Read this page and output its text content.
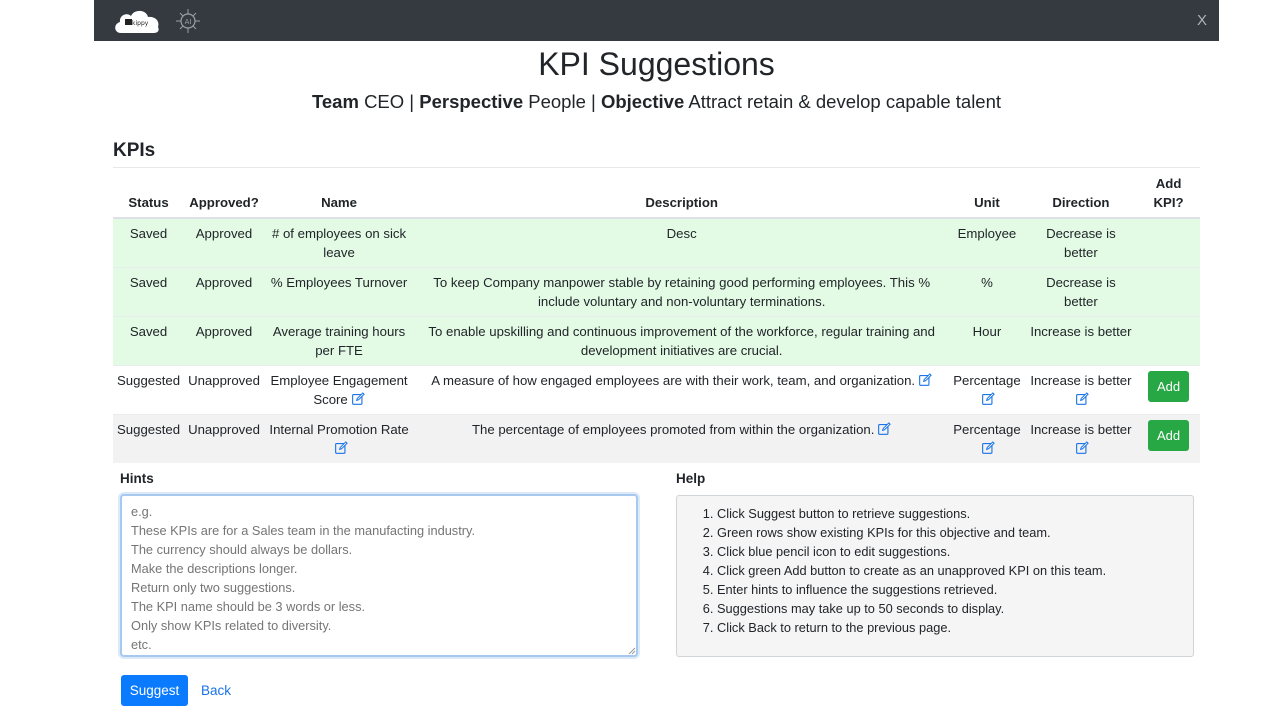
kippy	AI	X
KPI Suggestions
Team CEO | Perspective People | Objective Attract retain & develop capable talent
KPIs
Status	Approved?	Name	Description	Unit	Direction	Add KPI?
Saved	Approved	# of employees on sick leave	Desc	Employee	Decrease is better	
Saved	Approved	% Employees Turnover	To keep Company manpower stable by retaining good performing employees. This % include voluntary and non-voluntary terminations.	%	Decrease is better	
Saved	Approved	Average training hours per FTE	To enable upskilling and continuous improvement of the workforce, regular training and development initiatives are crucial.	Hour	Increase is better	
Suggested	Unapproved	Employee Engagement Score	A measure of how engaged employees are with their work, team, and organization.	Percentage	Increase is better	Add
Suggested	Unapproved	Internal Promotion Rate	The percentage of employees promoted from within the organization.	Percentage	Increase is better	Add
Hints
e.g. These KPIs are for a Sales team in the manufacting industry. The currency should always be dollars. Make the descriptions longer. Return only two suggestions. The KPI name should be 3 words or less. Only show KPIs related to diversity. etc.	Help
1. Click Suggest button to retrieve suggestions.
2. Green rows show existing KPIs for this objective and team.
3. Click blue pencil icon to edit suggestions.
4. Click green Add button to create as an unapproved KPI on this team.
5. Enter hints to influence the suggestions retrieved.
6. Suggestions may take up to 50 seconds to display.
7. Click Back to return to the previous page.
Suggest	Back
